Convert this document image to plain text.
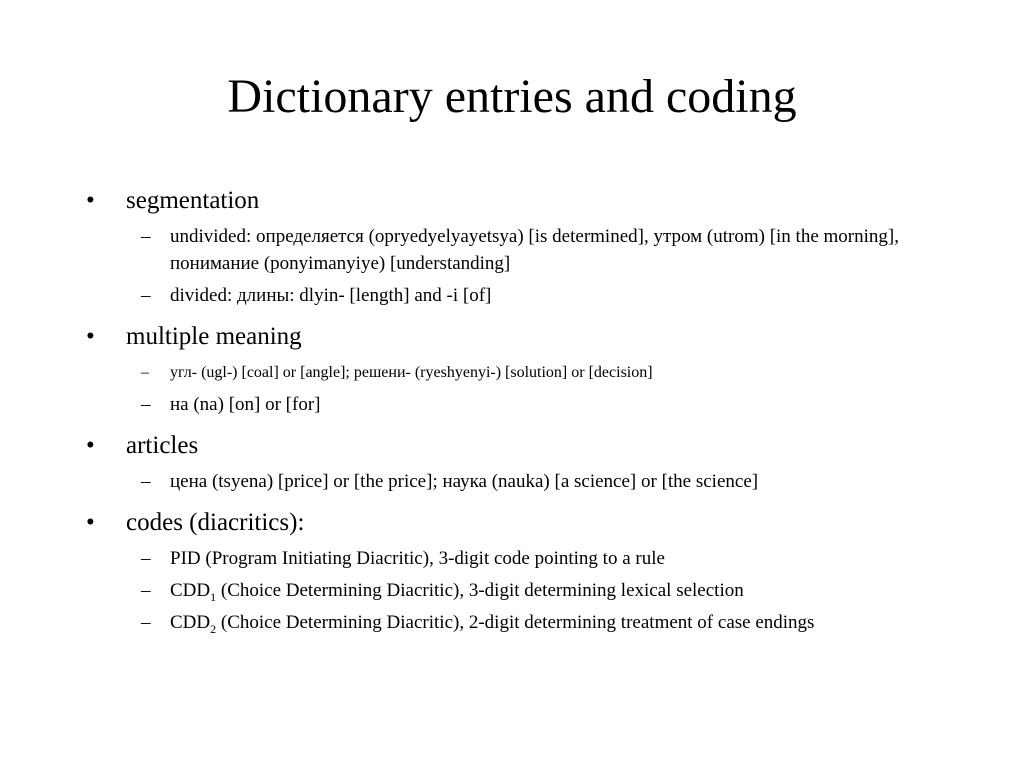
Dictionary entries and coding
•	segmentation
– undivided: определяется (opryedyelyayetsya) [is determined], утром (utrom) [in the morning], понимание (ponyimanyiye) [understanding]
– divided: длины: dlyin- [length] and -i [of]
•	multiple meaning
– угл- (ugl-) [coal] or [angle]; решени- (ryeshyenyi-) [solution] or [decision]
– на (na) [on] or [for]
•	articles
– цена (tsyena) [price] or [the price]; наука (nauka) [a science] or [the science]
•	codes (diacritics):
– PID (Program Initiating Diacritic), 3-digit code pointing to a rule
– $CDD_1$ (Choice Determining Diacritic), 3-digit determining lexical selection
– $CDD_2$ (Choice Determining Diacritic), 2-digit determining treatment of case endings
